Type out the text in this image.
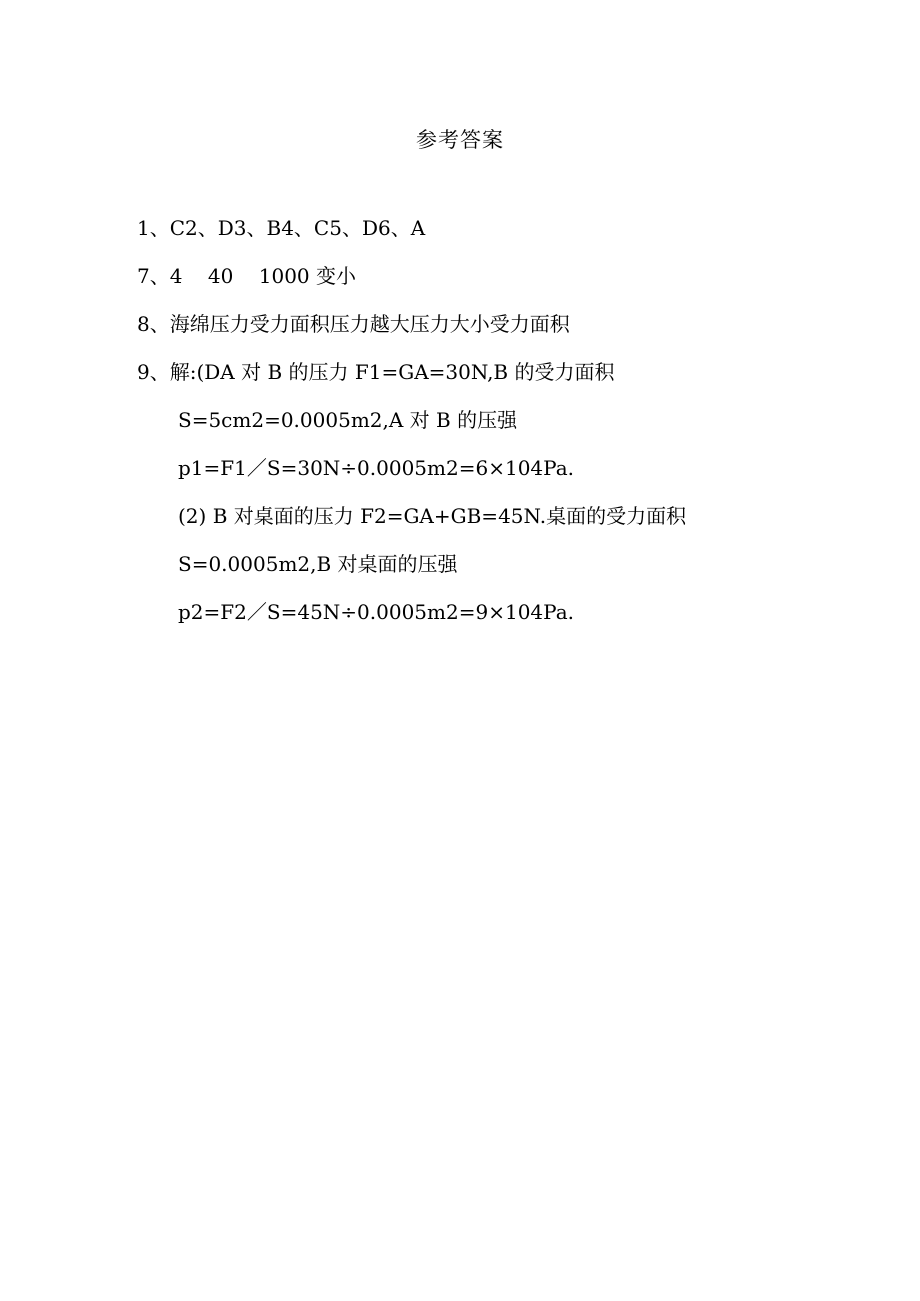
参考答案
1、C2、D3、B4、C5、D6、A
7、4    40    1000 变小
8、海绵压力受力面积压力越大压力大小受力面积
9、解:(DA 对 B 的压力 F1=GA=30N,B 的受力面积
S=5cm2=0.0005m2,A 对 B 的压强
p1=F1／S=30N÷0.0005m2=6×104Pa.
(2) B 对桌面的压力 F2=GA+GB=45N.桌面的受力面积
S=0.0005m2,B 对桌面的压强
p2=F2／S=45N÷0.0005m2=9×104Pa.
